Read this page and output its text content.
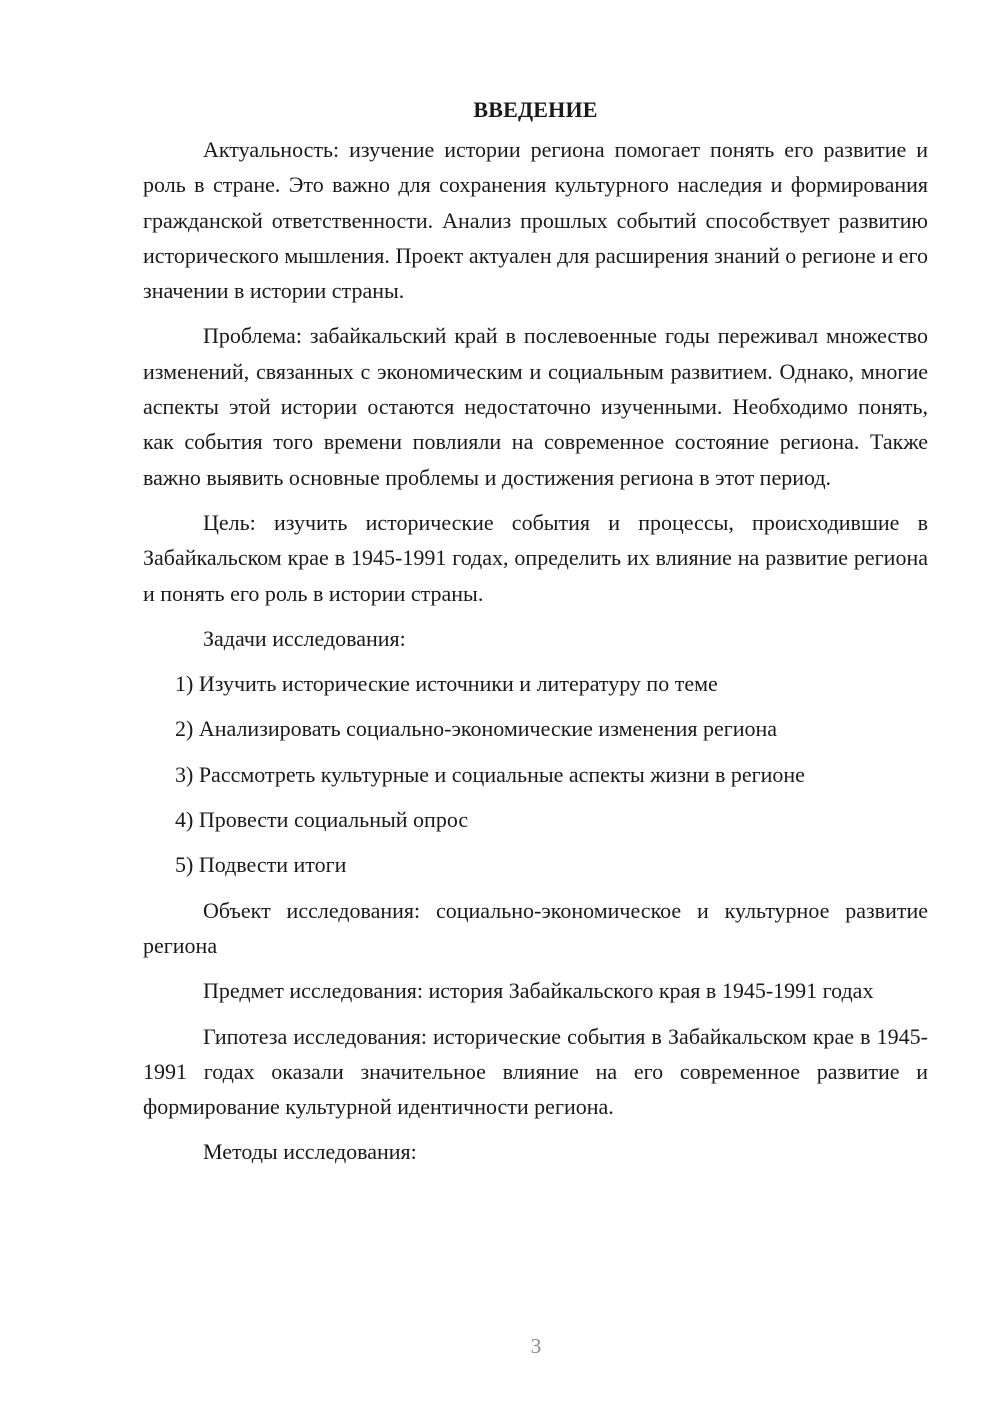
ВВЕДЕНИЕ

Актуальность: изучение истории региона помогает понять его развитие и роль в стране. Это важно для сохранения культурного наследия и формирования гражданской ответственности. Анализ прошлых событий способствует развитию исторического мышления. Проект актуален для расширения знаний о регионе и его значении в истории страны.

Проблема: забайкальский край в послевоенные годы переживал множество изменений, связанных с экономическим и социальным развитием. Однако, многие аспекты этой истории остаются недостаточно изученными. Необходимо понять, как события того времени повлияли на современное состояние региона. Также важно выявить основные проблемы и достижения региона в этот период.

Цель: изучить исторические события и процессы, происходившие в Забайкальском крае в 1945-1991 годах, определить их влияние на развитие региона и понять его роль в истории страны.

Задачи исследования:

1) Изучить исторические источники и литературу по теме
2) Анализировать социально-экономические изменения региона
3) Рассмотреть культурные и социальные аспекты жизни в регионе
4) Провести социальный опрос
5) Подвести итоги

Объект исследования: социально-экономическое и культурное развитие региона

Предмет исследования: история Забайкальского края в 1945-1991 годах

Гипотеза исследования: исторические события в Забайкальском крае в 1945-1991 годах оказали значительное влияние на его современное развитие и формирование культурной идентичности региона.

Методы исследования:

3
